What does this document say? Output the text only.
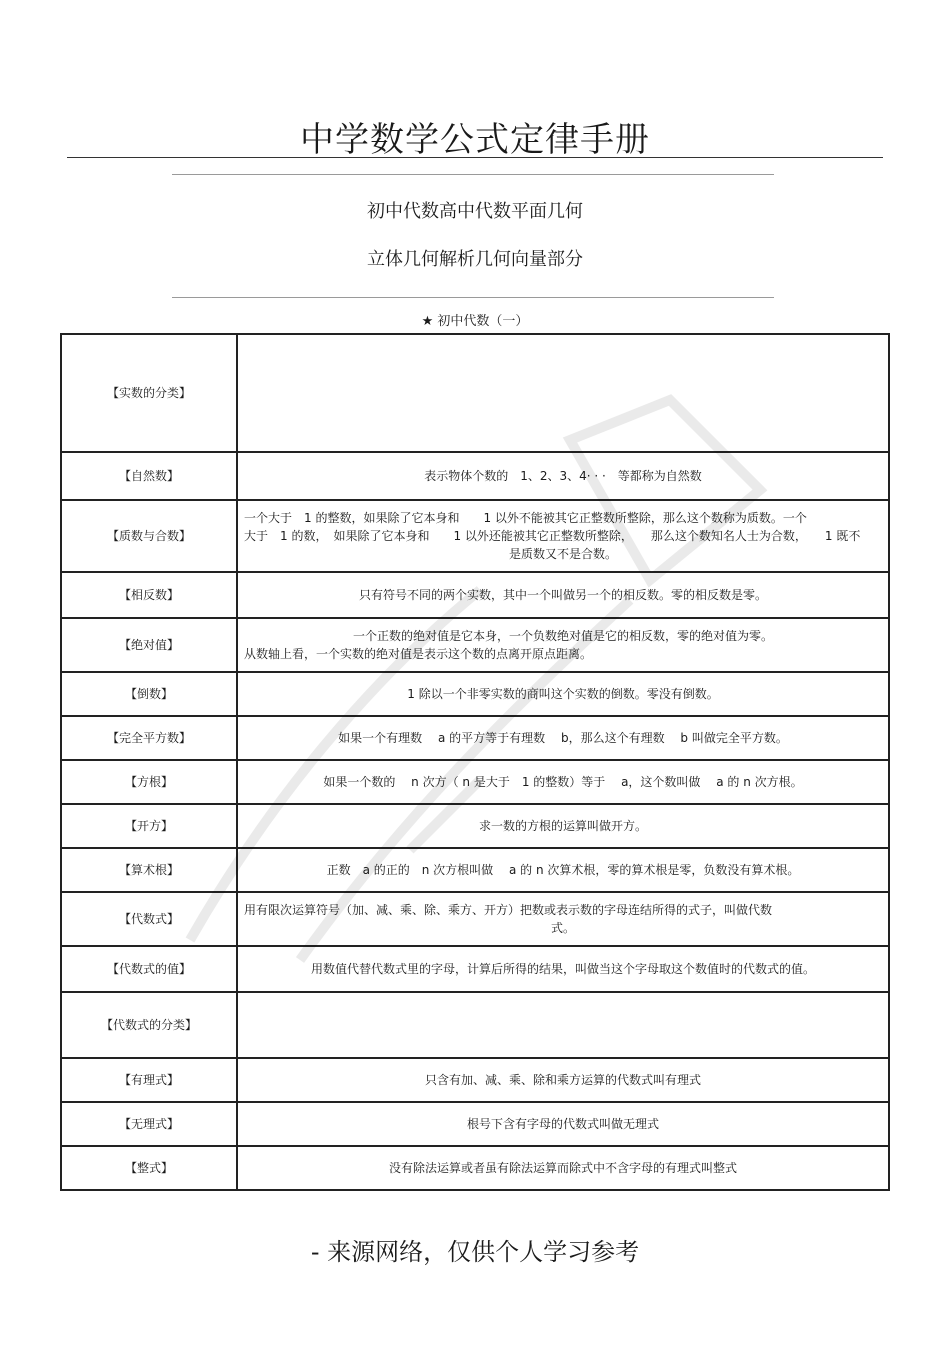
中学数学公式定律手册
初中代数高中代数平面几何
立体几何解析几何向量部分
★ 初中代数（一）
【实数的分类】	
【自然数】	表示物体个数的　1、2、3、4· · ·　等都称为自然数
【质数与合数】	一个大于　1 的整数，如果除了它本身和　　1 以外不能被其它正整数所整除，那么这个数称为质数。一个
大于　1 的数，　如果除了它本身和　　1 以外还能被其它正整数所整除，　　那么这个数知名人士为合数，　　1 既不
是质数又不是合数。

【相反数】	只有符号不同的两个实数，其中一个叫做另一个的相反数。零的相反数是零。
【绝对值】	一个正数的绝对值是它本身，一个负数绝对值是它的相反数，零的绝对值为零。
从数轴上看，一个实数的绝对值是表示这个数的点离开原点距离。

【倒数】	1 除以一个非零实数的商叫这个实数的倒数。零没有倒数。
【完全平方数】	如果一个有理数　 a 的平方等于有理数　 b，那么这个有理数　 b 叫做完全平方数。
【方根】	如果一个数的　 n 次方（ n 是大于　1 的整数）等于　 a，这个数叫做　 a 的 n 次方根。
【开方】	求一数的方根的运算叫做开方。
【算术根】	正数　a 的正的　n 次方根叫做　 a 的 n 次算术根，零的算术根是零，负数没有算术根。
【代数式】	用有限次运算符号（加、减、乘、除、乘方、开方）把数或表示数的字母连结所得的式子，叫做代数
式。

【代数式的值】	用数值代替代数式里的字母，计算后所得的结果，叫做当这个字母取这个数值时的代数式的值。
【代数式的分类】	
【有理式】	只含有加、减、乘、除和乘方运算的代数式叫有理式
【无理式】	根号下含有字母的代数式叫做无理式
【整式】	没有除法运算或者虽有除法运算而除式中不含字母的有理式叫整式
- 来源网络，仅供个人学习参考
